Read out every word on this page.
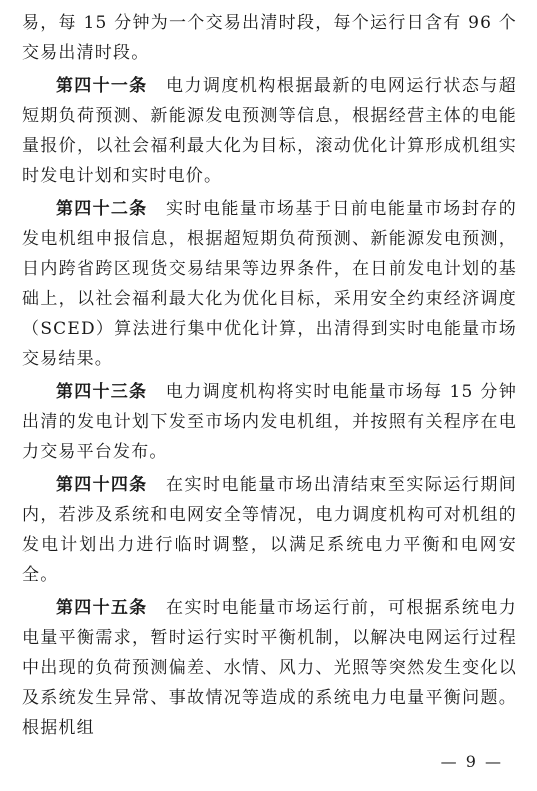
易，每 15 分钟为一个交易出清时段，每个运行日含有 96 个交易出清时段。

第四十一条　 电力调度机构根据最新的电网运行状态与超短期负荷预测、新能源发电预测等信息，根据经营主体的电能量报价，以社会福利最大化为目标，滚动优化计算形成机组实时发电计划和实时电价。

第四十二条　 实时电能量市场基于日前电能量市场封存的发电机组申报信息，根据超短期负荷预测、新能源发电预测，日内跨省跨区现货交易结果等边界条件，在日前发电计划的基础上，以社会福利最大化为优化目标，采用安全约束经济调度（SCED）算法进行集中优化计算，出清得到实时电能量市场交易结果。

第四十三条　 电力调度机构将实时电能量市场每 15 分钟出清的发电计划下发至市场内发电机组，并按照有关程序在电力交易平台发布。

第四十四条　 在实时电能量市场出清结束至实际运行期间内，若涉及系统和电网安全等情况，电力调度机构可对机组的发电计划出力进行临时调整，以满足系统电力平衡和电网安全。

第四十五条　 在实时电能量市场运行前，可根据系统电力电量平衡需求，暂时运行实时平衡机制，以解决电网运行过程中出现的负荷预测偏差、水情、风力、光照等突然发生变化以及系统发生异常、事故情况等造成的系统电力电量平衡问题。根据机组

— 9 —
